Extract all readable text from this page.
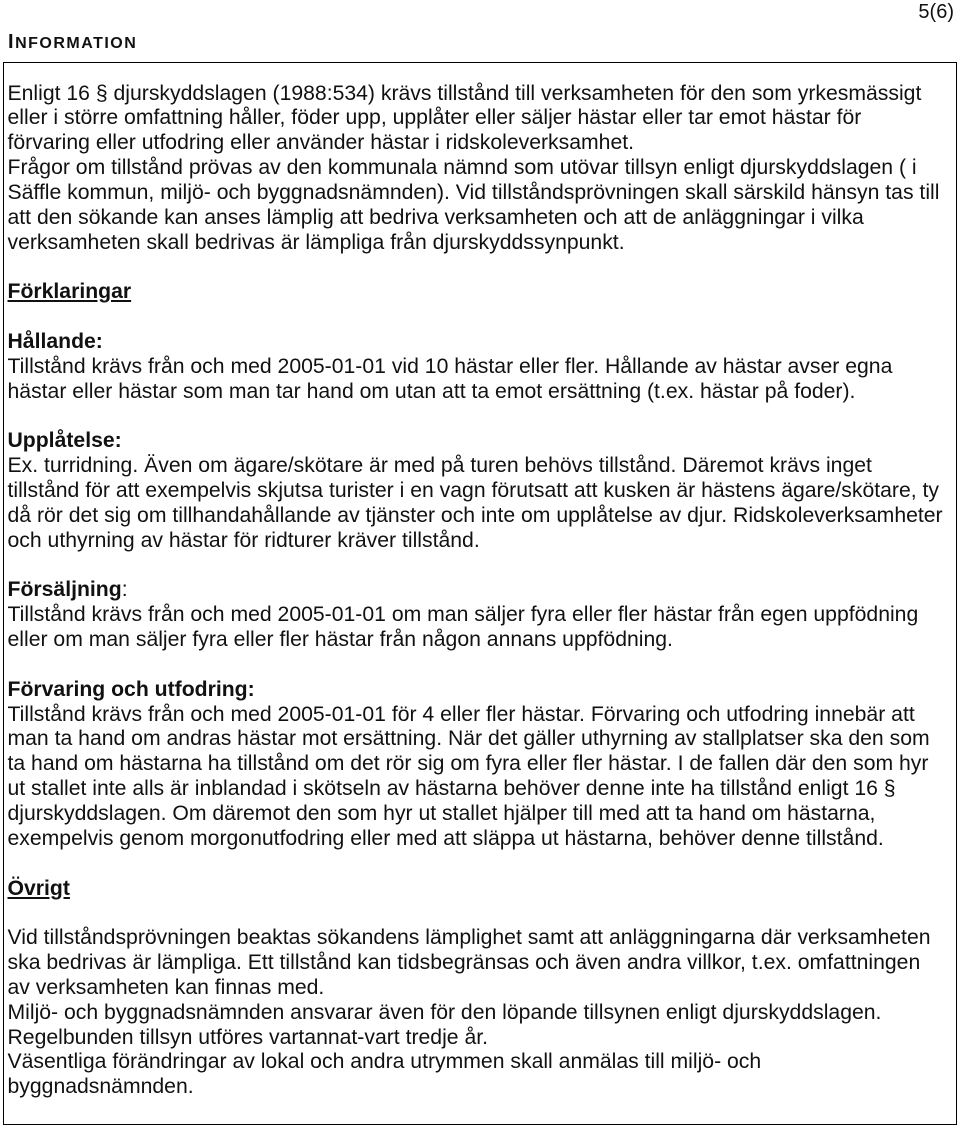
5(6)
INFORMATION
Enligt 16 § djurskyddslagen (1988:534) krävs tillstånd till verksamheten för den som yrkesmässigt
eller i större omfattning håller, föder upp, upplåter eller säljer hästar eller tar emot hästar för
förvaring eller utfodring eller använder hästar i ridskoleverksamhet.
Frågor om tillstånd prövas av den kommunala nämnd som utövar tillsyn enligt djurskyddslagen ( i
Säffle kommun, miljö- och byggnadsnämnden). Vid tillståndsprövningen skall särskild hänsyn tas till
att den sökande kan anses lämplig att bedriva verksamheten och att de anläggningar i vilka
verksamheten skall bedrivas är lämpliga från djurskyddssynpunkt.
Förklaringar
Hållande:
Tillstånd krävs från och med 2005-01-01 vid 10 hästar eller fler. Hållande av hästar avser egna
hästar eller hästar som man tar hand om utan att ta emot ersättning (t.ex. hästar på foder).
Upplåtelse:
Ex. turridning. Även om ägare/skötare är med på turen behövs tillstånd. Däremot krävs inget
tillstånd för att exempelvis skjutsa turister i en vagn förutsatt att kusken är hästens ägare/skötare, ty
då rör det sig om tillhandahållande av tjänster och inte om upplåtelse av djur. Ridskoleverksamheter
och uthyrning av hästar för ridturer kräver tillstånd.
Försäljning:
Tillstånd krävs från och med 2005-01-01 om man säljer fyra eller fler hästar från egen uppfödning
eller om man säljer fyra eller fler hästar från någon annans uppfödning.
Förvaring och utfodring:
Tillstånd krävs från och med 2005-01-01 för 4 eller fler hästar. Förvaring och utfodring innebär att
man ta hand om andras hästar mot ersättning. När det gäller uthyrning av stallplatser ska den som
ta hand om hästarna ha tillstånd om det rör sig om fyra eller fler hästar. I de fallen där den som hyr
ut stallet inte alls är inblandad i skötseln av hästarna behöver denne inte ha tillstånd enligt 16 §
djurskyddslagen. Om däremot den som hyr ut stallet hjälper till med att ta hand om hästarna,
exempelvis genom morgonutfodring eller med att släppa ut hästarna, behöver denne tillstånd.
Övrigt
Vid tillståndsprövningen beaktas sökandens lämplighet samt att anläggningarna där verksamheten
ska bedrivas är lämpliga. Ett tillstånd kan tidsbegränsas och även andra villkor, t.ex. omfattningen
av verksamheten kan finnas med.
Miljö- och byggnadsnämnden ansvarar även för den löpande tillsynen enligt djurskyddslagen.
Regelbunden tillsyn utföres vartannat-vart tredje år.
Väsentliga förändringar av lokal och andra utrymmen skall anmälas till miljö- och
byggnadsnämnden.
